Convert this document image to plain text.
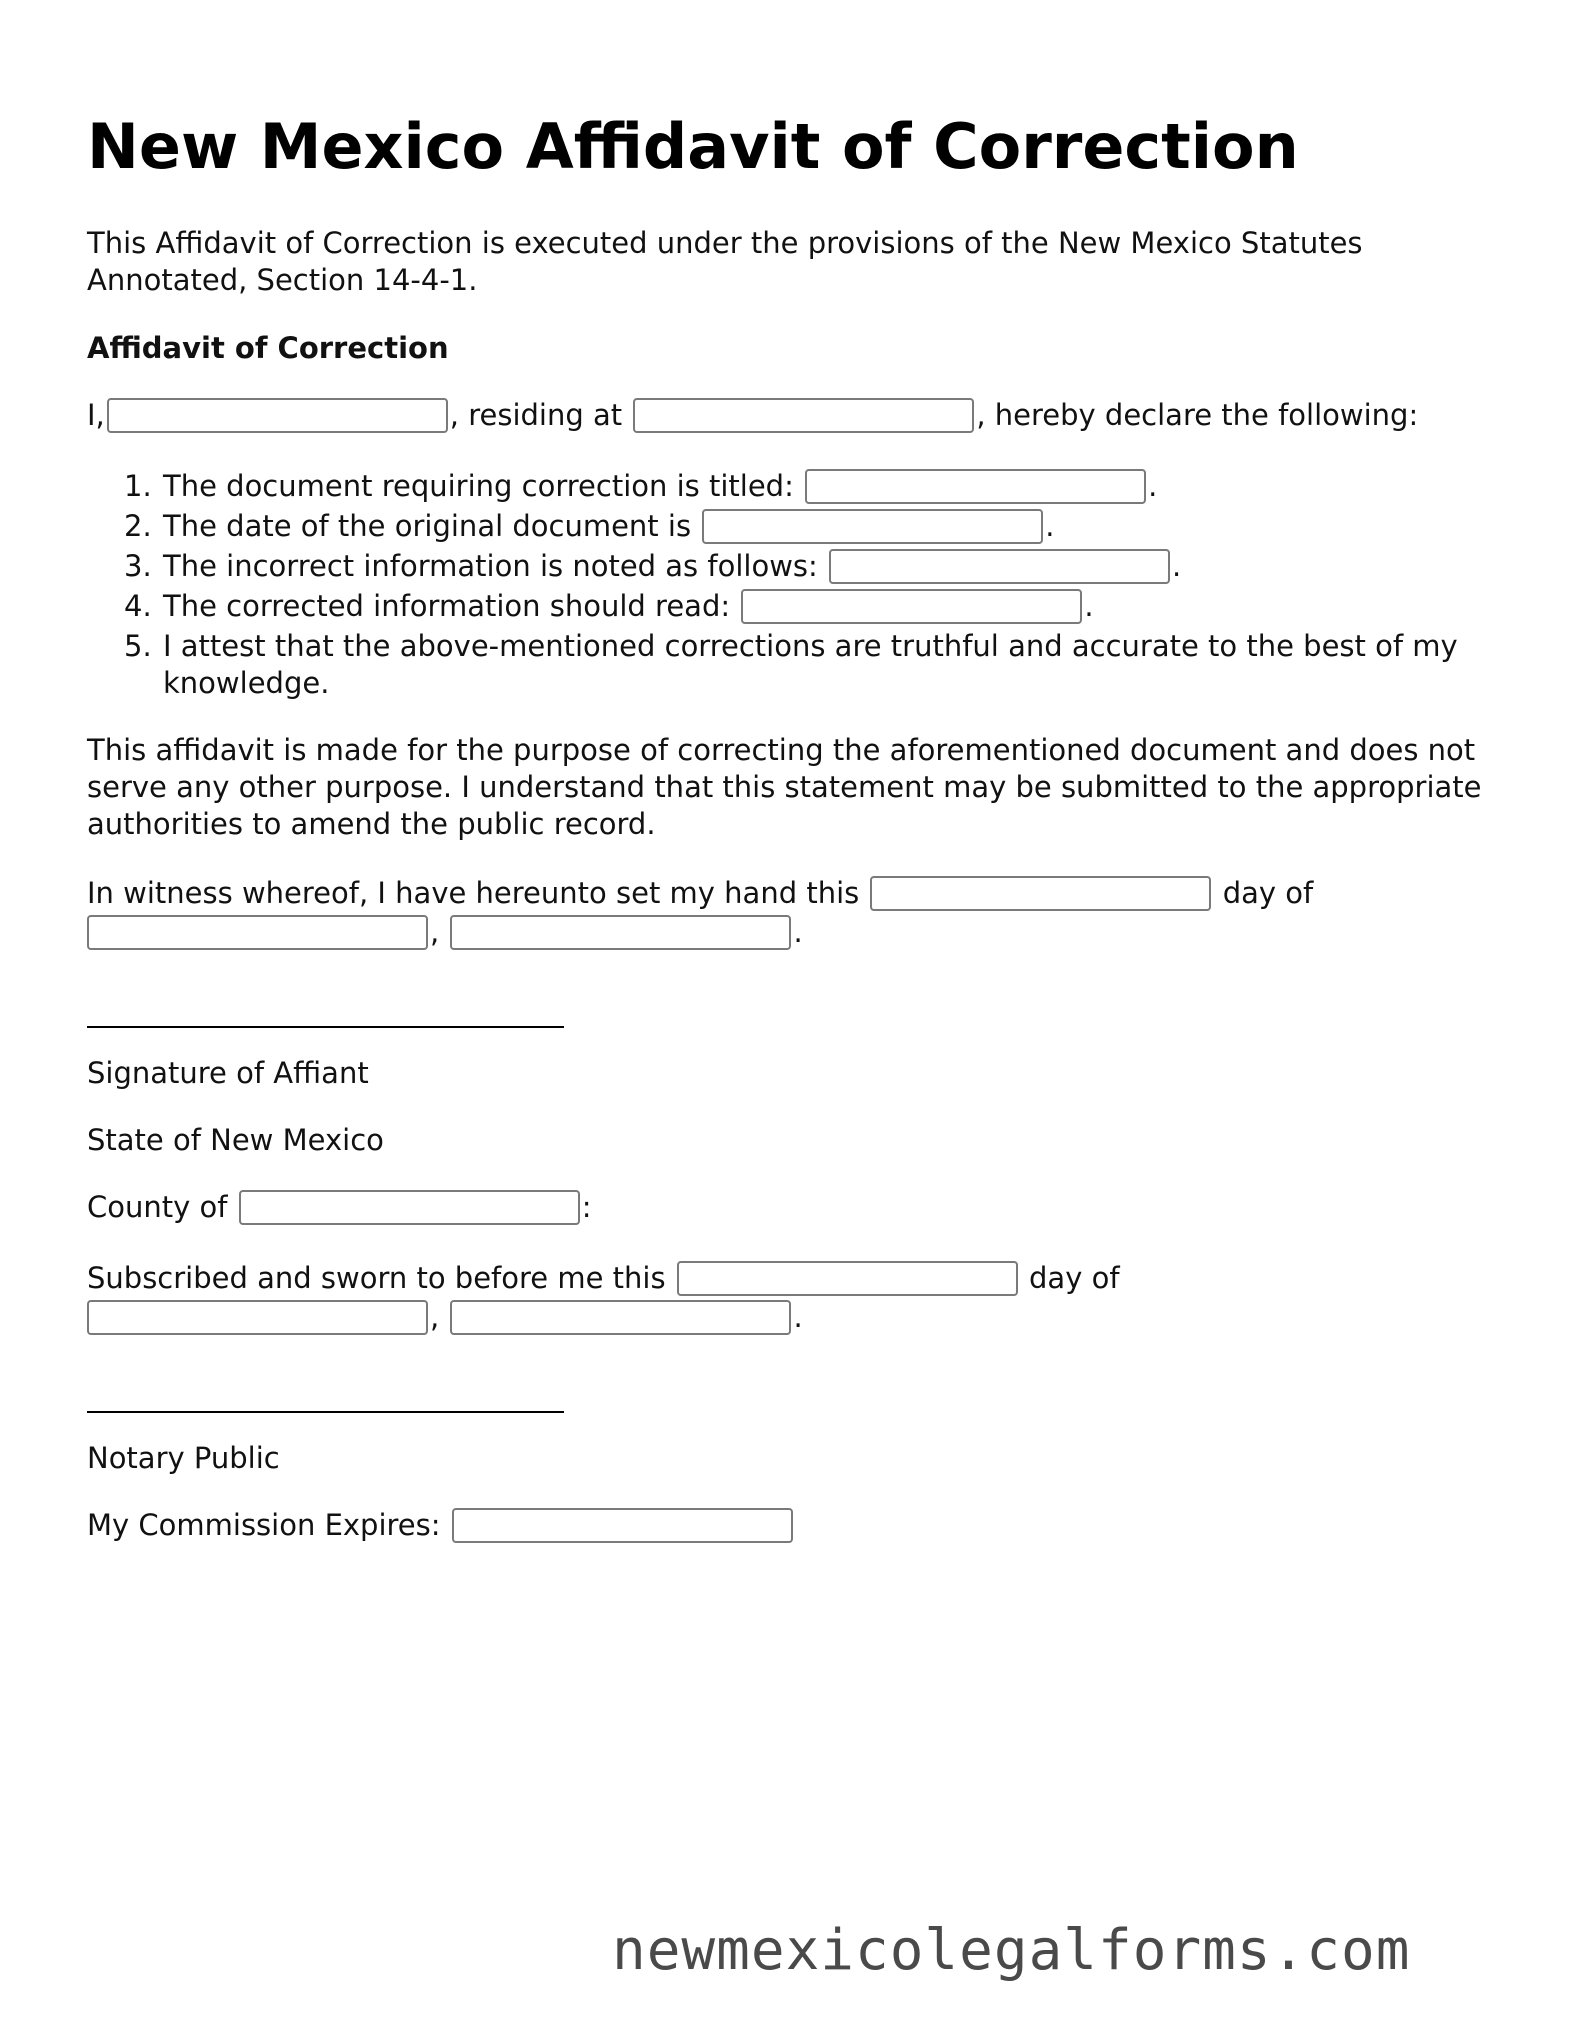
New Mexico Affidavit of Correction

This Affidavit of Correction is executed under the provisions of the New Mexico Statutes Annotated, Section 14-4-1.

Affidavit of Correction

I,	, residing at	, hereby declare the following:

1. The document requiring correction is titled:	.
2. The date of the original document is	.
3. The incorrect information is noted as follows:	.
4. The corrected information should read:	.
5. I attest that the above-mentioned corrections are truthful and accurate to the best of my knowledge.

This affidavit is made for the purpose of correcting the aforementioned document and does not serve any other purpose. I understand that this statement may be submitted to the appropriate authorities to amend the public record.

In witness whereof, I have hereunto set my hand this	day of

,	.

Signature of Affiant

State of New Mexico

County of	:

Subscribed and sworn to before me this	day of

,	.

Notary Public

My Commission Expires:

newmexicolegalforms.com
